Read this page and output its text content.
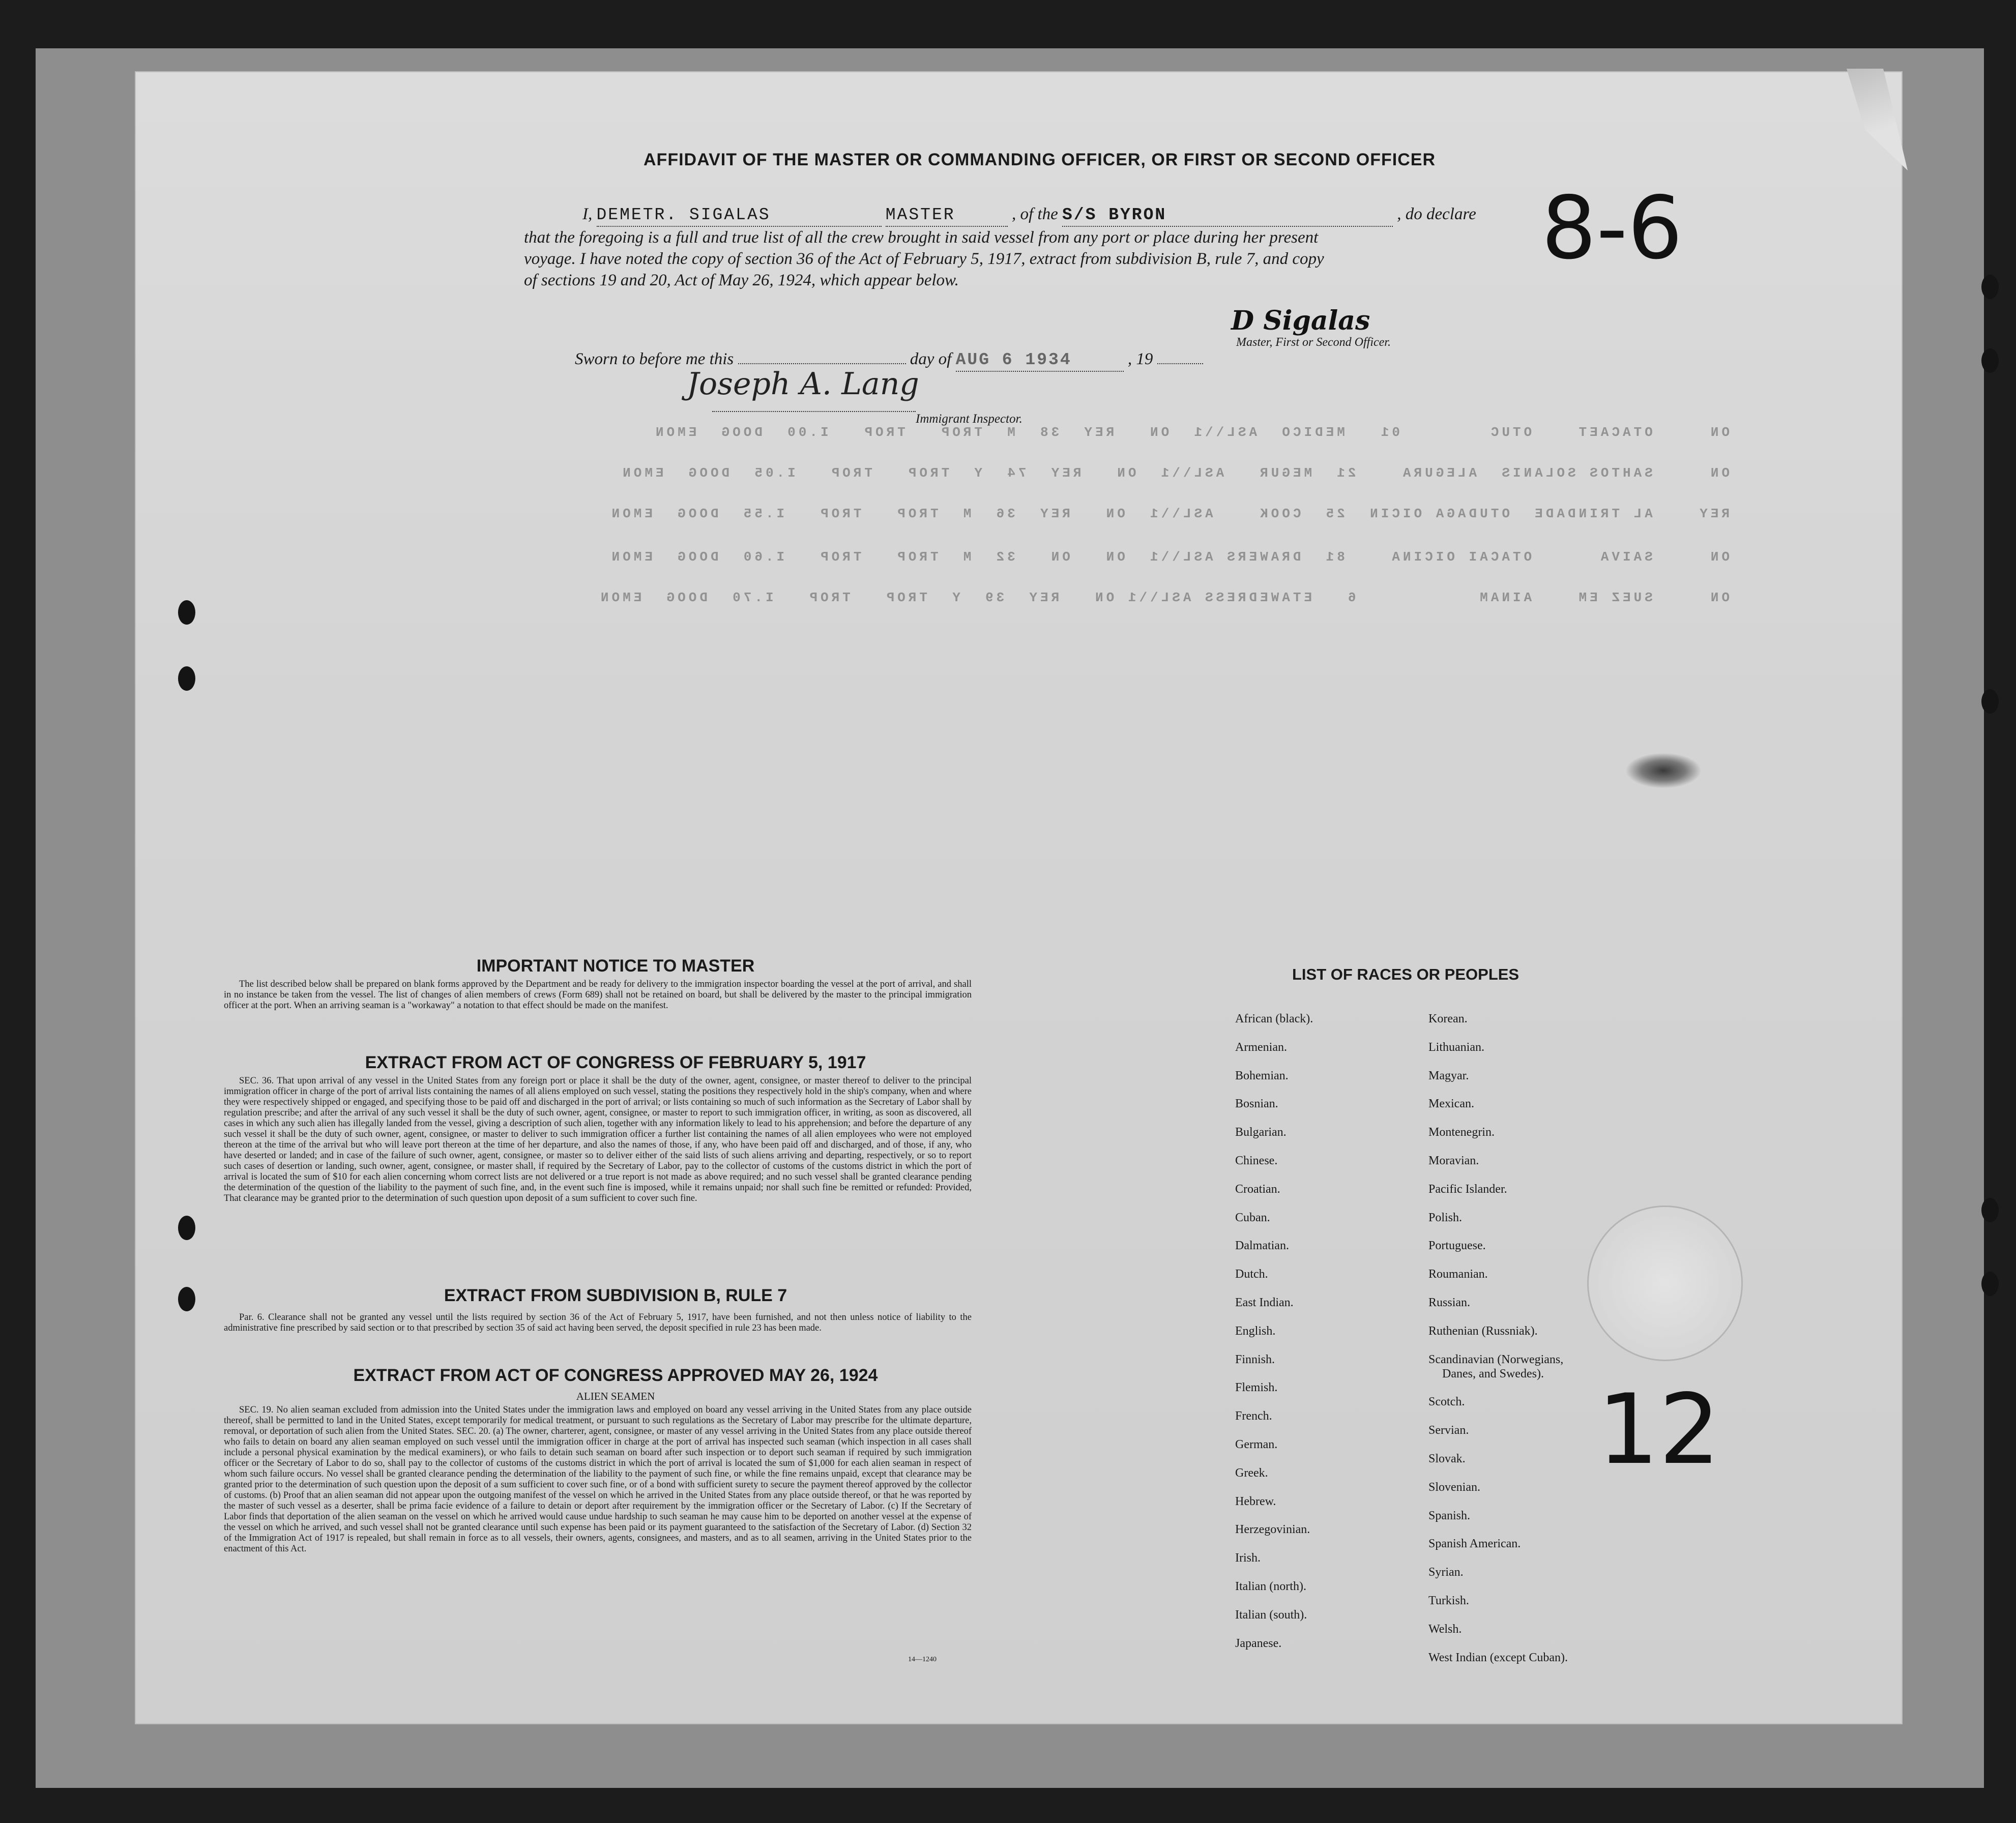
AFFIDAVIT OF THE MASTER OR COMMANDING OFFICER, OR FIRST OR SECOND OFFICER
I, DEMETR. SIGALAS	MASTER	, of the S/S BYRON	, do declare
that the foregoing is a full and true list of all the crew brought in said vessel from any port or place during her present
voyage. I have noted the copy of section 36 of the Act of February 5, 1917, extract from subdivision B, rule 7, and copy
of sections 19 and 20, Act of May 26, 1924, which appear below.
D Sigalas
Master, First or Second Officer.
Sworn to before me this	day of AUG 6 1934	, 19
Joseph A. Lang
Immigrant Inspector.
8-6
12
ON     OTACAET    OTUC        01   MEDICO  ASL\\1  ON   REY  38  M  TROP   TROP   I.00  DOOG  EMON
ON     SAHTOS SOLANIS  ALEGURA    21  MEGUR   ASL\\1  ON   REY  74  Y  TROP   TROP   I.05  DOOG  EMON
REY    AL TRINDADE  OTUDAGA OICIN  25  COOK    ASL\\1  ON   REY  36  M  TROP   TROP   I.55  DOOG  EMON
ON     SAIVA      OTACAI OICINA    81  DRAWERS ASL\\1  ON   ON   32  M  TROP   TROP   I.60  DOOG  EMON
ON     SUEZ EM    AINAM           6   ETAWEDRESS ASL\\1 ON   REY  39  Y  TROP   TROP   I.70  DOOG  EMON
IMPORTANT NOTICE TO MASTER
The list described below shall be prepared on blank forms approved by the Department and be ready for delivery to the immigration inspector boarding the vessel at the port of arrival, and shall in no instance be taken from the vessel. The list of changes of alien members of crews (Form 689) shall not be retained on board, but shall be delivered by the master to the principal immigration officer at the port. When an arriving seaman is a "workaway" a notation to that effect should be made on the manifest.
EXTRACT FROM ACT OF CONGRESS OF FEBRUARY 5, 1917
SEC. 36. That upon arrival of any vessel in the United States from any foreign port or place it shall be the duty of the owner, agent, consignee, or master thereof to deliver to the principal immigration officer in charge of the port of arrival lists containing the names of all aliens employed on such vessel, stating the positions they respectively hold in the ship's company, when and where they were respectively shipped or engaged, and specifying those to be paid off and discharged in the port of arrival; or lists containing so much of such information as the Secretary of Labor shall by regulation prescribe; and after the arrival of any such vessel it shall be the duty of such owner, agent, consignee, or master to report to such immigration officer, in writing, as soon as discovered, all cases in which any such alien has illegally landed from the vessel, giving a description of such alien, together with any information likely to lead to his apprehension; and before the departure of any such vessel it shall be the duty of such owner, agent, consignee, or master to deliver to such immigration officer a further list containing the names of all alien employees who were not employed thereon at the time of the arrival but who will leave port thereon at the time of her departure, and also the names of those, if any, who have been paid off and discharged, and of those, if any, who have deserted or landed; and in case of the failure of such owner, agent, consignee, or master so to deliver either of the said lists of such aliens arriving and departing, respectively, or so to report such cases of desertion or landing, such owner, agent, consignee, or master shall, if required by the Secretary of Labor, pay to the collector of customs of the customs district in which the port of arrival is located the sum of $10 for each alien concerning whom correct lists are not delivered or a true report is not made as above required; and no such vessel shall be granted clearance pending the determination of the question of the liability to the payment of such fine, and, in the event such fine is imposed, while it remains unpaid; nor shall such fine be remitted or refunded: Provided, That clearance may be granted prior to the determination of such question upon deposit of a sum sufficient to cover such fine.
EXTRACT FROM SUBDIVISION B, RULE 7
Par. 6. Clearance shall not be granted any vessel until the lists required by section 36 of the Act of February 5, 1917, have been furnished, and not then unless notice of liability to the administrative fine prescribed by said section or to that prescribed by section 35 of said act having been served, the deposit specified in rule 23 has been made.
EXTRACT FROM ACT OF CONGRESS APPROVED MAY 26, 1924
ALIEN SEAMEN
SEC. 19. No alien seaman excluded from admission into the United States under the immigration laws and employed on board any vessel arriving in the United States from any place outside thereof, shall be permitted to land in the United States, except temporarily for medical treatment, or pursuant to such regulations as the Secretary of Labor may prescribe for the ultimate departure, removal, or deportation of such alien from the United States. SEC. 20. (a) The owner, charterer, agent, consignee, or master of any vessel arriving in the United States from any place outside thereof who fails to detain on board any alien seaman employed on such vessel until the immigration officer in charge at the port of arrival has inspected such seaman (which inspection in all cases shall include a personal physical examination by the medical examiners), or who fails to detain such seaman on board after such inspection or to deport such seaman if required by such immigration officer or the Secretary of Labor to do so, shall pay to the collector of customs of the customs district in which the port of arrival is located the sum of $1,000 for each alien seaman in respect of whom such failure occurs. No vessel shall be granted clearance pending the determination of the liability to the payment of such fine, or while the fine remains unpaid, except that clearance may be granted prior to the determination of such question upon the deposit of a sum sufficient to cover such fine, or of a bond with sufficient surety to secure the payment thereof approved by the collector of customs. (b) Proof that an alien seaman did not appear upon the outgoing manifest of the vessel on which he arrived in the United States from any place outside thereof, or that he was reported by the master of such vessel as a deserter, shall be prima facie evidence of a failure to detain or deport after requirement by the immigration officer or the Secretary of Labor. (c) If the Secretary of Labor finds that deportation of the alien seaman on the vessel on which he arrived would cause undue hardship to such seaman he may cause him to be deported on another vessel at the expense of the vessel on which he arrived, and such vessel shall not be granted clearance until such expense has been paid or its payment guaranteed to the satisfaction of the Secretary of Labor. (d) Section 32 of the Immigration Act of 1917 is repealed, but shall remain in force as to all vessels, their owners, agents, consignees, and masters, and as to all seamen, arriving in the United States prior to the enactment of this Act.
14—1240
LIST OF RACES OR PEOPLES
African (black).
Armenian.
Bohemian.
Bosnian.
Bulgarian.
Chinese.
Croatian.
Cuban.
Dalmatian.
Dutch.
East Indian.
English.
Finnish.
Flemish.
French.
German.
Greek.
Hebrew.
Herzegovinian.
Irish.
Italian (north).
Italian (south).
Japanese.
Korean.
Lithuanian.
Magyar.
Mexican.
Montenegrin.
Moravian.
Pacific Islander.
Polish.
Portuguese.
Roumanian.
Russian.
Ruthenian (Russniak).
Scandinavian (Norwegians,
Danes, and Swedes).
Scotch.
Servian.
Slovak.
Slovenian.
Spanish.
Spanish American.
Syrian.
Turkish.
Welsh.
West Indian (except Cuban).
